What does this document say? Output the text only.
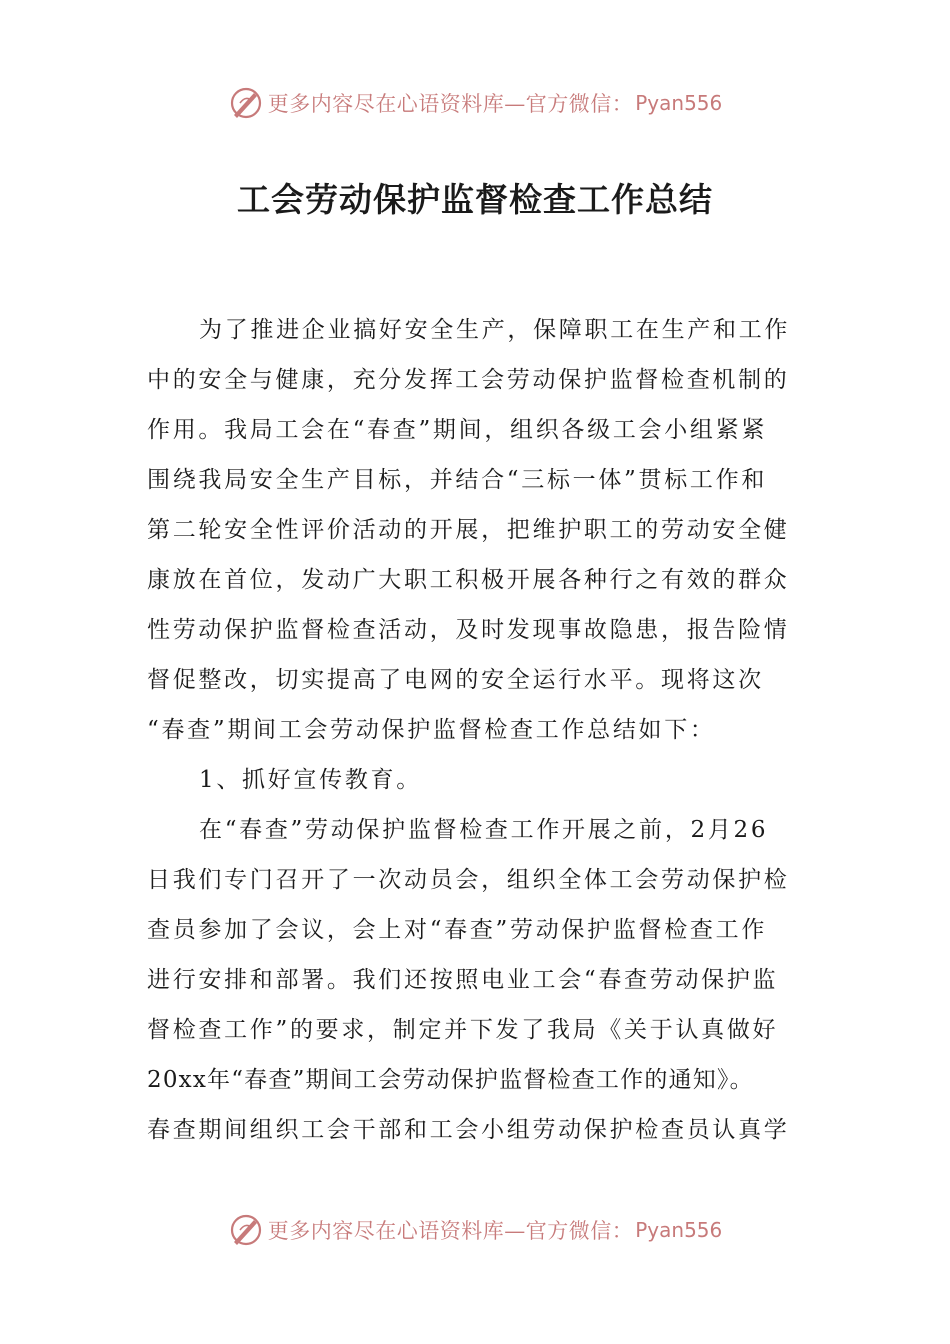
更多内容尽在心语资料库—官方微信： Pyan556
工会劳动保护监督检查工作总结
为了推进企业搞好安全生产，保障职工在生产和工作
中的安全与健康，充分发挥工会劳动保护监督检查机制的
作用。我局工会在“春查”期间，组织各级工会小组紧紧
围绕我局安全生产目标，并结合“三标一体”贯标工作和
第二轮安全性评价活动的开展，把维护职工的劳动安全健
康放在首位，发动广大职工积极开展各种行之有效的群众
性劳动保护监督检查活动，及时发现事故隐患，报告险情
督促整改，切实提高了电网的安全运行水平。现将这次
“春查”期间工会劳动保护监督检查工作总结如下：
1、抓好宣传教育。
在“春查”劳动保护监督检查工作开展之前，2月26
日我们专门召开了一次动员会，组织全体工会劳动保护检
查员参加了会议，会上对“春查”劳动保护监督检查工作
进行安排和部署。我们还按照电业工会“春查劳动保护监
督检查工作”的要求，制定并下发了我局《关于认真做好
20xx年“春查”期间工会劳动保护监督检查工作的通知》。
春查期间组织工会干部和工会小组劳动保护检查员认真学
更多内容尽在心语资料库—官方微信： Pyan556
